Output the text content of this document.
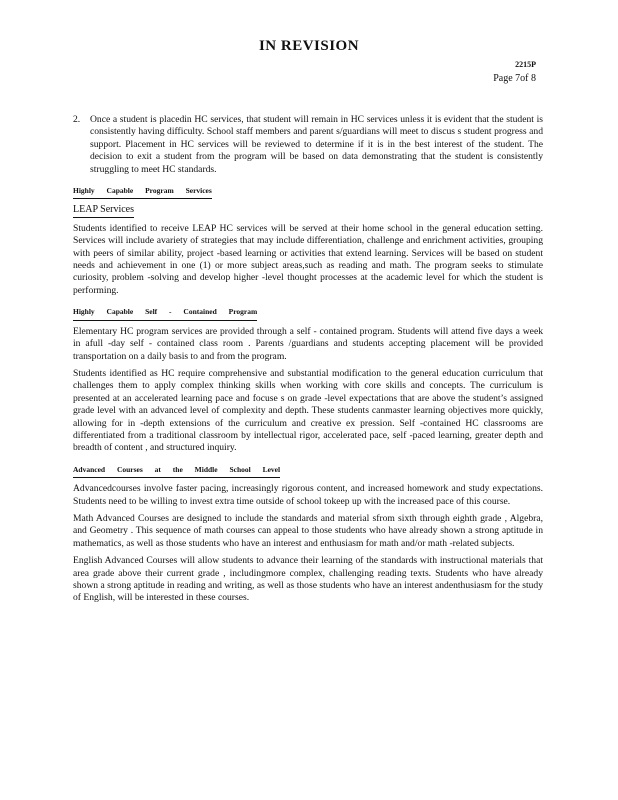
IN REVISION
2215P
Page 7of 8
2.	Once a student is placedin HC services, that student will remain in HC services unless it is evident that the student is consistently having difficulty. School staff members and parent s/guardians will meet to discus s student progress and support. Placement in HC services will be reviewed to determine if it is in the best interest of the student. The decision to exit a student from the program will be based on data demonstrating that the student is consistently struggling to meet HC standards.
Highly Capable Program Services
LEAP Services

Students identified to receive LEAP HC services will be served at their home school in the general education setting. Services will include avariety of strategies that may include differentiation, challenge and enrichment activities, grouping with peers of similar ability, project -based learning or activities that extend learning. Services will be based on student needs and achievement in one (1) or more subject areas,such as reading and math. The program seeks to stimulate curiosity, problem -solving and develop higher -level thought processes at the academic level for which the student is performing.

Highly Capable Self - Contained Program

Elementary HC program services are provided through a self - contained program. Students will attend five days a week in afull -day self - contained class room . Parents /guardians and students accepting placement will be provided transportation on a daily basis to and from the program.

Students identified as HC require comprehensive and substantial modification to the general education curriculum that challenges them to apply complex thinking skills when working with core skills and concepts. The curriculum is presented at an accelerated learning pace and focuse s on grade -level expectations that are above the student’s assigned grade level with an advanced level of complexity and depth. These students canmaster learning objectives more quickly, allowing for in -depth extensions of the curriculum and creative ex pression. Self -contained HC classrooms are differentiated from a traditional classroom by intellectual rigor, accelerated pace, self -paced learning, greater depth and breadth of content , and structured inquiry.

Advanced Courses at the Middle School Level

Advancedcourses involve faster pacing, increasingly rigorous content, and increased homework and study expectations. Students need to be willing to invest extra time outside of school tokeep up with the increased pace of this course.

Math Advanced Courses are designed to include the standards and material sfrom sixth through eighth grade , Algebra, and Geometry . This sequence of math courses can appeal to those students who have already shown a strong aptitude in mathematics, as well as those students who have an interest and enthusiasm for math and/or math -related subjects.

English Advanced Courses will allow students to advance their learning of the standards with instructional materials that area grade above their current grade , includingmore complex, challenging reading texts. Students who have already shown a strong aptitude in reading and writing, as well as those students who have an interest andenthusiasm for the study of English, will be interested in these courses.
